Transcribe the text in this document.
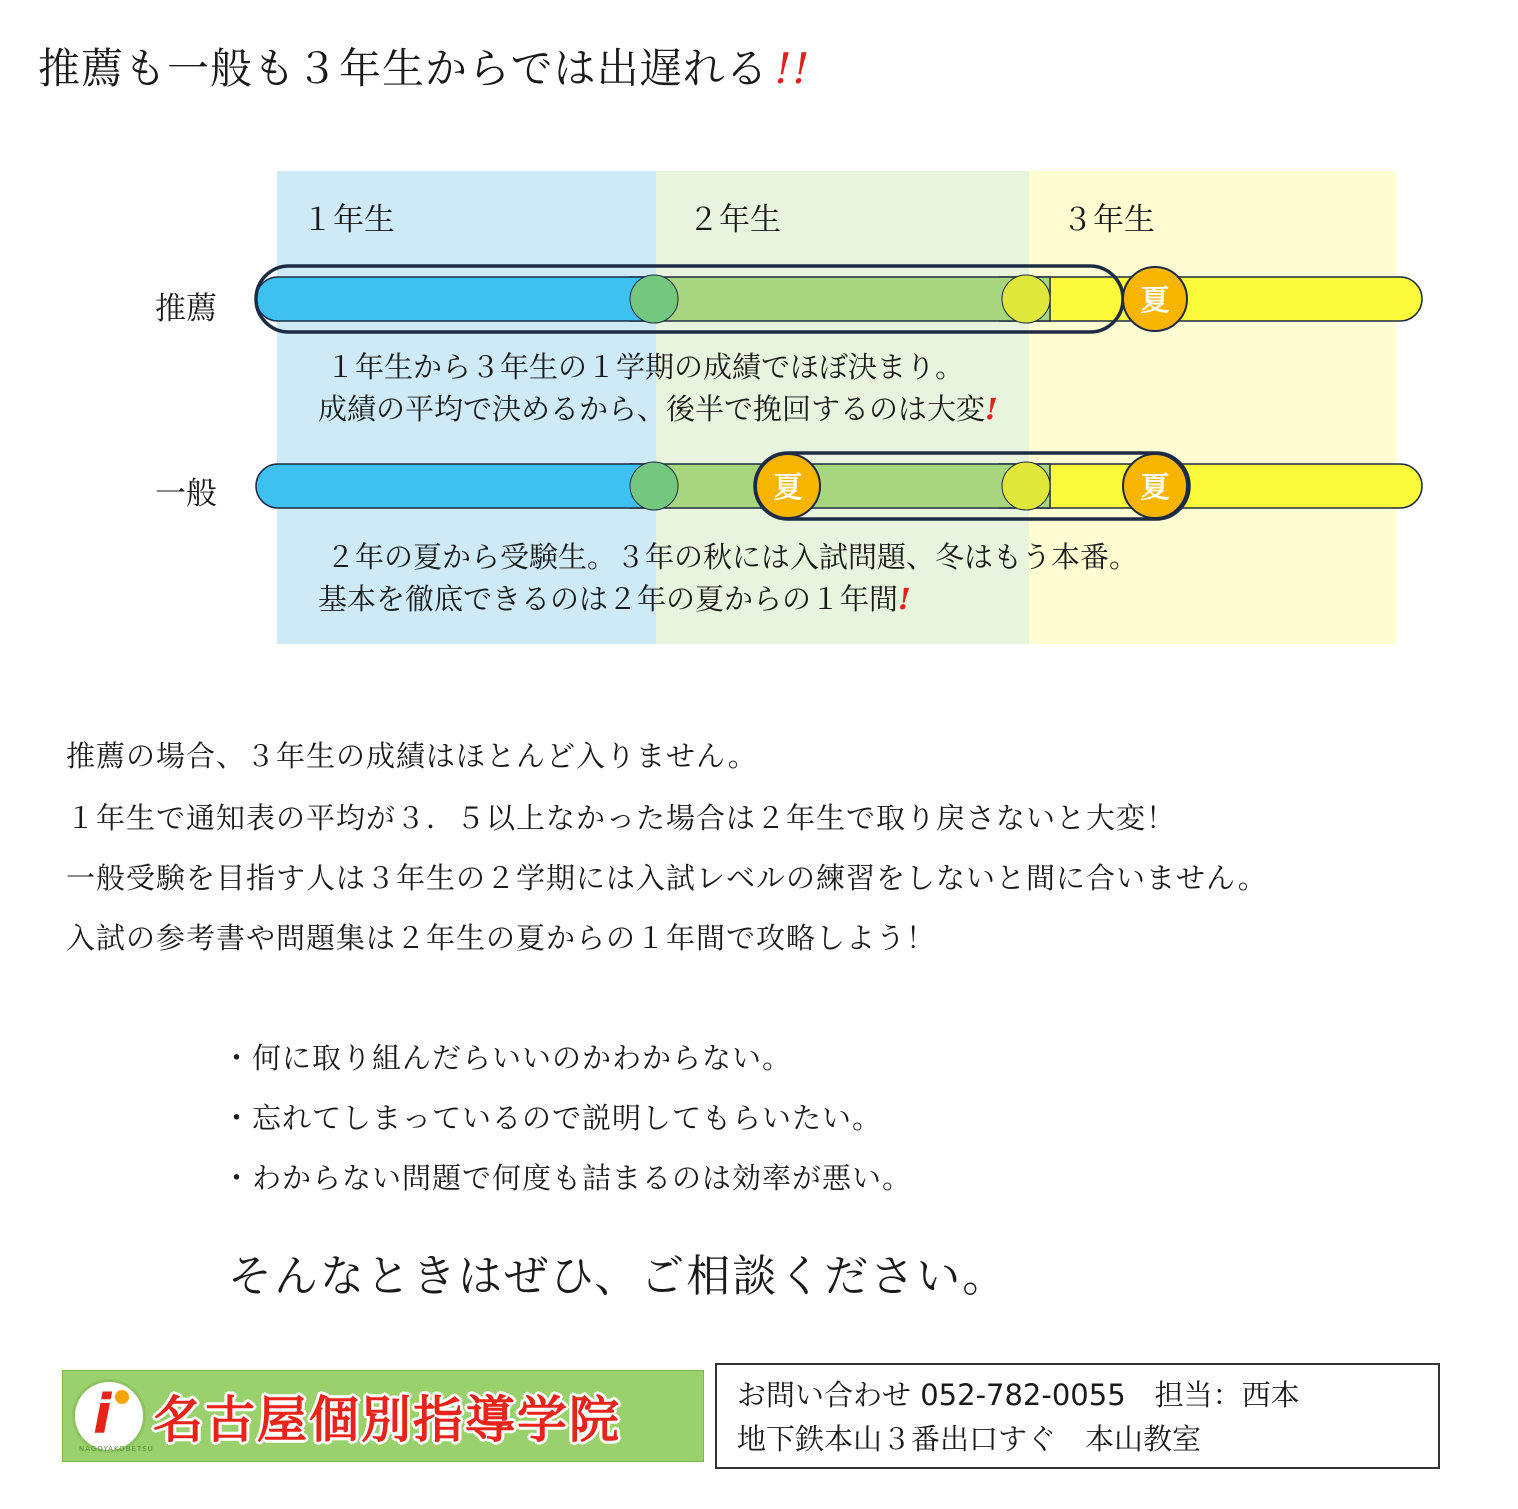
推薦も一般も３年生からでは出遅れる !!
１年生	２年生	３年生
推薦
一般
夏
夏	夏
１年生から３年生の１学期の成績でほぼ決まり。
成績の平均で決めるから、後半で挽回するのは大変!
２年の夏から受験生。３年の秋には入試問題、冬はもう本番。
基本を徹底できるのは２年の夏からの１年間!
推薦の場合、３年生の成績はほとんど入りません。
１年生で通知表の平均が３．５以上なかった場合は２年生で取り戻さないと大変！
一般受験を目指す人は３年生の２学期には入試レベルの練習をしないと間に合いません。
入試の参考書や問題集は２年生の夏からの１年間で攻略しよう！
・何に取り組んだらいいのかわからない。
・忘れてしまっているので説明してもらいたい。
・わからない問題で何度も詰まるのは効率が悪い。
そんなときはぜひ、ご相談ください。
i
NAGOYAKOBETSU 名古屋個別指導学院	お問い合わせ 052-782-0055　担当：西本
地下鉄本山３番出口すぐ　本山教室
